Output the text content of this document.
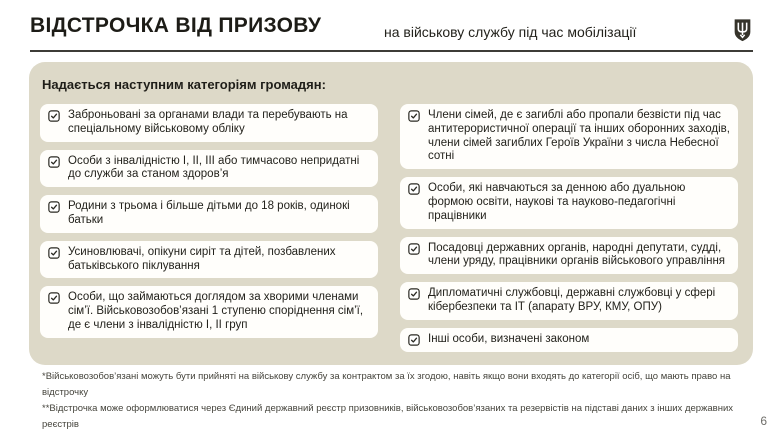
ВІДСТРОЧКА ВІД ПРИЗОВУ	на військову службу під час мобілізації
Надається наступним категоріям громадян:
Заброньовані за органами влади та перебувають на спеціальному військовому обліку
Особи з інвалідністю I, II, III або тимчасово непридатні до служби за станом здоров’я
Родини з трьома і більше дітьми до 18 років, одинокі батьки
Усиновлювачі, опікуни сиріт та дітей, позбавлених батьківського піклування
Особи, що займаються доглядом за хворими членами сім’ї. Військовозобов’язані 1 ступеню споріднення сім’ї, де є члени з інвалідністю I, II груп
Члени сімей, де є загиблі або пропали безвісти під час антитерористичної операції та інших оборонних заходів, члени сімей загиблих Героїв України з числа Небесної сотні
Особи, які навчаються за денною або дуальною формою освіти, наукові та науково-педагогічні працівники
Посадовці державних органів, народні депутати, судді, члени уряду, працівники органів військового управління
Дипломатичні службовці, державні службовці у сфері кібербезпеки та ІТ (апарату ВРУ, КМУ, ОПУ)
Інші особи, визначені законом
*Військовозобов’язані можуть бути прийняті на військову службу за контрактом за їх згодою, навіть якщо вони входять до категорії осіб, що мають право на відстрочку
**Відстрочка може оформлюватися через Єдиний державний реєстр призовників, військовозобов’язаних та резервістів на підставі даних з інших державних реєстрів	6
